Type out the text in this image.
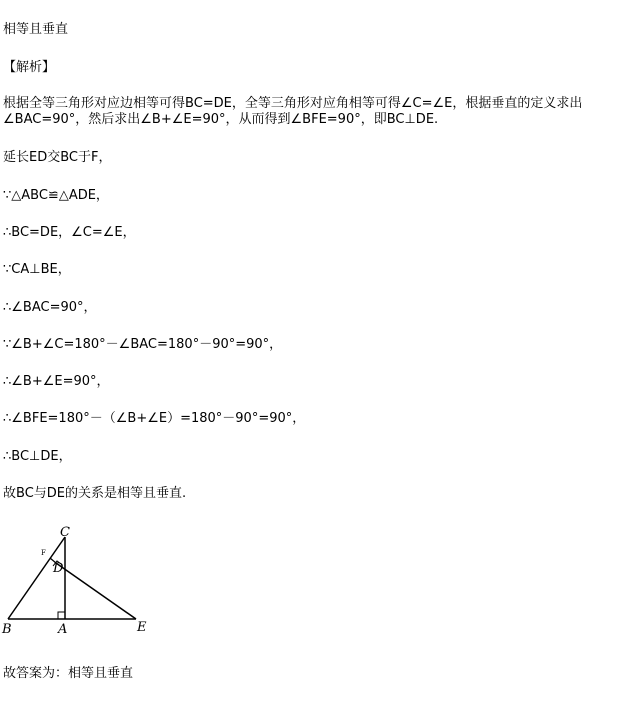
相等且垂直
【解析】
根据全等三角形对应边相等可得BC=DE，全等三角形对应角相等可得∠C=∠E，根据垂直的定义求出∠BAC=90°，然后求出∠B+∠E=90°，从而得到∠BFE=90°，即BC⊥DE.
延长ED交BC于F，
∵△ABC≌△ADE，
∴BC=DE，∠C=∠E，
∵CA⊥BE，
∴∠BAC=90°，
∵∠B+∠C=180°－∠BAC=180°－90°=90°，
∴∠B+∠E=90°，
∴∠BFE=180°－（∠B+∠E）=180°－90°=90°，
∴BC⊥DE，
故BC与DE的关系是相等且垂直.
C
F
D
B	A	E
故答案为：相等且垂直
